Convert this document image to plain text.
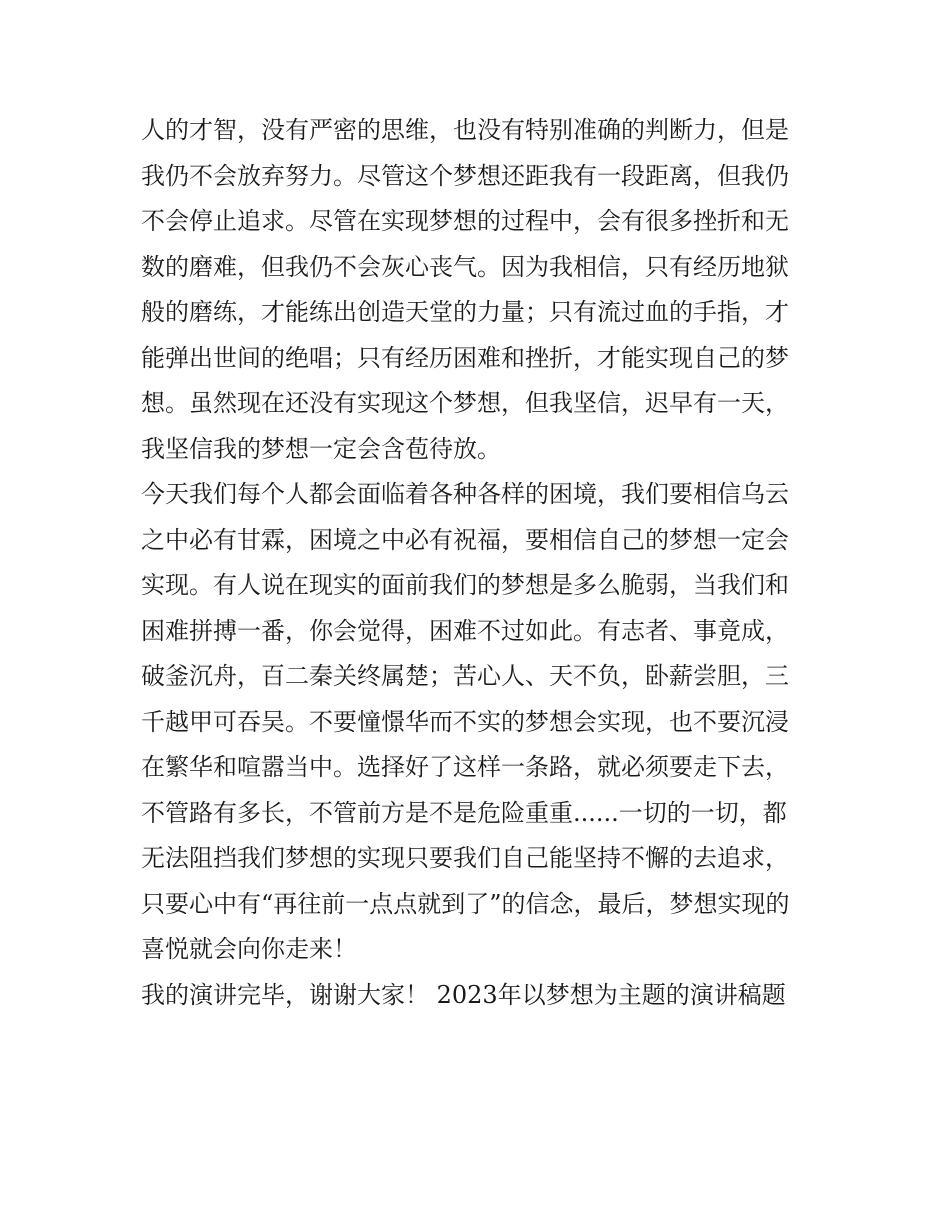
人的才智，没有严密的思维，也没有特别准确的判断力，但是
我仍不会放弃努力。尽管这个梦想还距我有一段距离，但我仍
不会停止追求。尽管在实现梦想的过程中，会有很多挫折和无
数的磨难，但我仍不会灰心丧气。因为我相信，只有经历地狱
般的磨练，才能练出创造天堂的力量；只有流过血的手指，才
能弹出世间的绝唱；只有经历困难和挫折，才能实现自己的梦
想。虽然现在还没有实现这个梦想，但我坚信，迟早有一天，
我坚信我的梦想一定会含苞待放。
今天我们每个人都会面临着各种各样的困境，我们要相信乌云
之中必有甘霖，困境之中必有祝福，要相信自己的梦想一定会
实现。有人说在现实的面前我们的梦想是多么脆弱，当我们和
困难拼搏一番，你会觉得，困难不过如此。有志者、事竟成，
破釜沉舟，百二秦关终属楚；苦心人、天不负，卧薪尝胆，三
千越甲可吞吴。不要憧憬华而不实的梦想会实现，也不要沉浸
在繁华和喧嚣当中。选择好了这样一条路，就必须要走下去，
不管路有多长，不管前方是不是危险重重......一切的一切，都
无法阻挡我们梦想的实现只要我们自己能坚持不懈的去追求，
只要心中有“再往前一点点就到了”的信念，最后，梦想实现的
喜悦就会向你走来！
我的演讲完毕，谢谢大家！ 2023年以梦想为主题的演讲稿题
